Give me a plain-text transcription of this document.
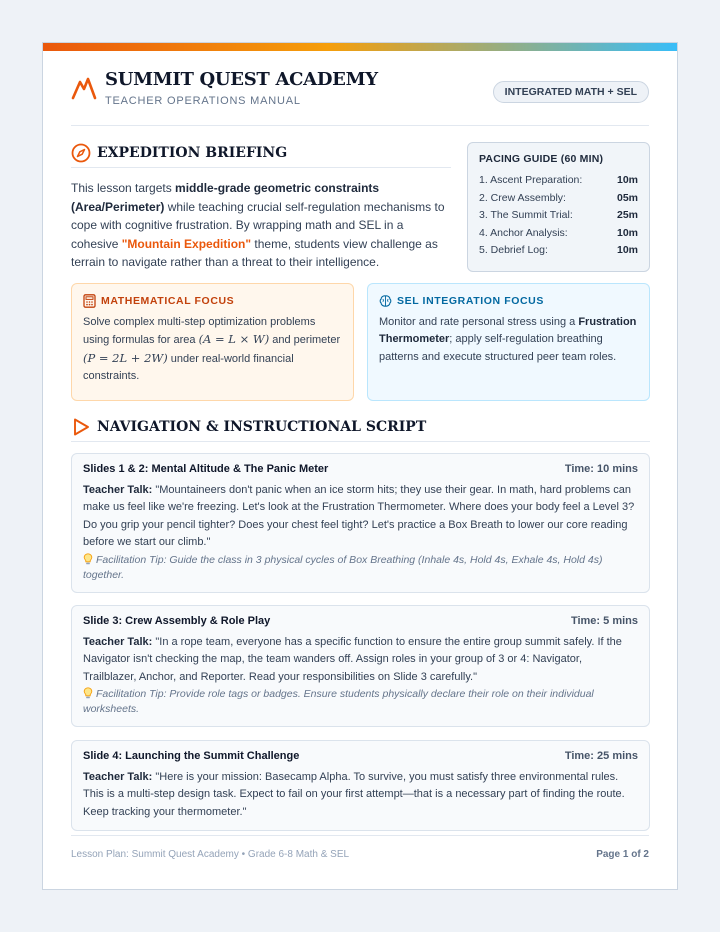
SUMMIT QUEST ACADEMY
TEACHER OPERATIONS MANUAL
INTEGRATED MATH + SEL
EXPEDITION BRIEFING
This lesson targets middle-grade geometric constraints (Area/Perimeter) while teaching crucial self-regulation mechanisms to cope with cognitive frustration. By wrapping math and SEL in a cohesive "Mountain Expedition" theme, students view challenge as terrain to navigate rather than a threat to their intelligence.
PACING GUIDE (60 MIN)
1. Ascent Preparation:	10m
2. Crew Assembly:	05m
3. The Summit Trial:	25m
4. Anchor Analysis:	10m
5. Debrief Log:	10m
MATHEMATICAL FOCUS
Solve complex multi-step optimization problems using formulas for area (A = L × W) and perimeter (P = 2L + 2W) under real-world financial constraints.
SEL INTEGRATION FOCUS
Monitor and rate personal stress using a Frustration Thermometer; apply self-regulation breathing patterns and execute structured peer team roles.
NAVIGATION & INSTRUCTIONAL SCRIPT
Slides 1 & 2: Mental Altitude & The Panic Meter	Time: 10 mins
Teacher Talk: "Mountaineers don't panic when an ice storm hits; they use their gear. In math, hard problems can make us feel like we're freezing. Let's look at the Frustration Thermometer. Where does your body feel a Level 3? Do you grip your pencil tighter? Does your chest feel tight? Let's practice a Box Breath to lower our core reading before we start our climb."
Facilitation Tip: Guide the class in 3 physical cycles of Box Breathing (Inhale 4s, Hold 4s, Exhale 4s, Hold 4s) together.
Slide 3: Crew Assembly & Role Play	Time: 5 mins
Teacher Talk: "In a rope team, everyone has a specific function to ensure the entire group summit safely. If the Navigator isn't checking the map, the team wanders off. Assign roles in your group of 3 or 4: Navigator, Trailblazer, Anchor, and Reporter. Read your responsibilities on Slide 3 carefully."
Facilitation Tip: Provide role tags or badges. Ensure students physically declare their role on their individual worksheets.
Slide 4: Launching the Summit Challenge	Time: 25 mins
Teacher Talk: "Here is your mission: Basecamp Alpha. To survive, you must satisfy three environmental rules. This is a multi-step design task. Expect to fail on your first attempt—that is a necessary part of finding the route. Keep tracking your thermometer."
Lesson Plan: Summit Quest Academy • Grade 6-8 Math & SEL	Page 1 of 2
